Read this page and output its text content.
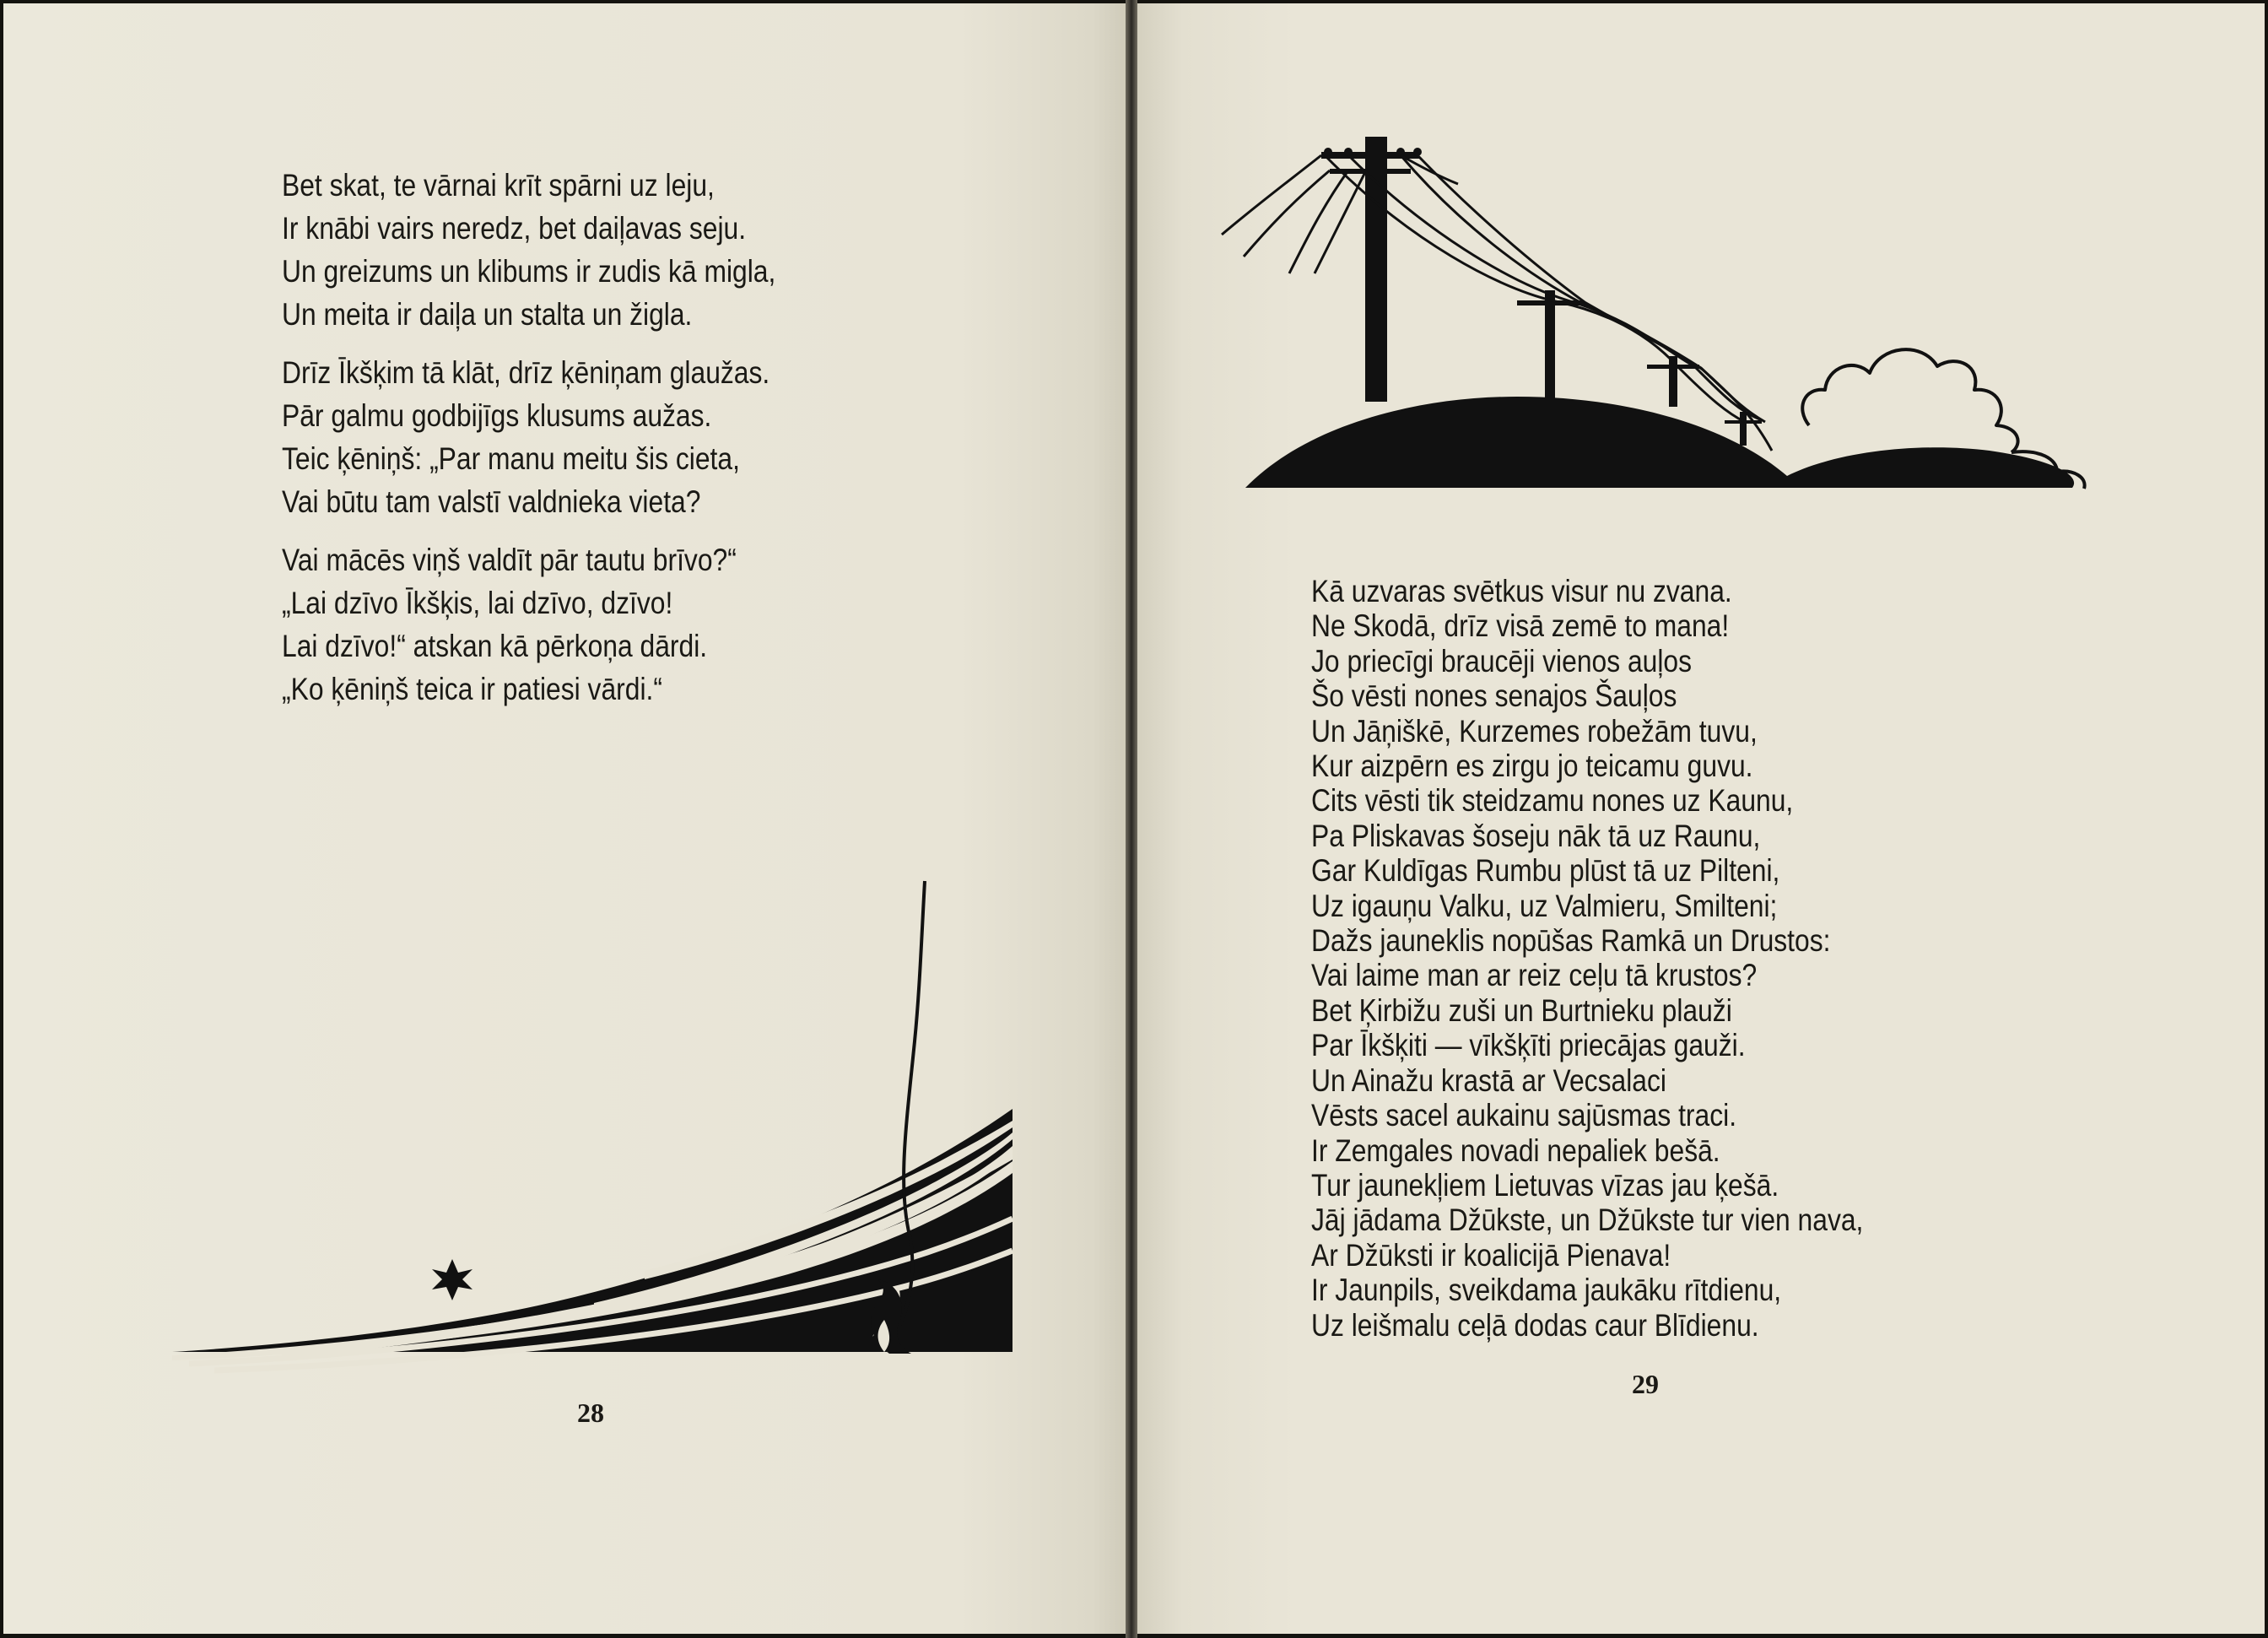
Bet skat, te vārnai krīt spārni uz leju,
Ir knābi vairs neredz, bet daiļavas seju.
Un greizums un klibums ir zudis kā migla,
Un meita ir daiļa un stalta un žigla.
Drīz Īkšķim tā klāt, drīz ķēniņam glaužas.
Pār galmu godbijīgs klusums aužas.
Teic ķēniņš: „Par manu meitu šis cieta,
Vai būtu tam valstī valdnieka vieta?
Vai mācēs viņš valdīt pār tautu brīvo?“
„Lai dzīvo Īkšķis, lai dzīvo, dzīvo!
Lai dzīvo!“ atskan kā pērkoņa dārdi.
„Ko ķēniņš teica ir patiesi vārdi.“
28
Kā uzvaras svētkus visur nu zvana.
Ne Skodā, drīz visā zemē to mana!
Jo priecīgi braucēji vienos auļos
Šo vēsti nones senajos Šauļos
Un Jāņiškē, Kurzemes robežām tuvu,
Kur aizpērn es zirgu jo teicamu guvu.
Cits vēsti tik steidzamu nones uz Kaunu,
Pa Pliskavas šoseju nāk tā uz Raunu,
Gar Kuldīgas Rumbu plūst tā uz Pilteni,
Uz igauņu Valku, uz Valmieru, Smilteni;
Dažs jauneklis nopūšas Ramkā un Drustos:
Vai laime man ar reiz ceļu tā krustos?
Bet Ķirbižu zuši un Burtnieku plauži
Par Īkšķiti — vīkšķīti priecājas gauži.
Un Ainažu krastā ar Vecsalaci
Vēsts sacel aukainu sajūsmas traci.
Ir Zemgales novadi nepaliek bešā.
Tur jaunekļiem Lietuvas vīzas jau ķešā.
Jāj jādama Džūkste, un Džūkste tur vien nava,
Ar Džūksti ir koalicijā Pienava!
Ir Jaunpils, sveikdama jaukāku rītdienu,
Uz leišmalu ceļā dodas caur Blīdienu.
29
